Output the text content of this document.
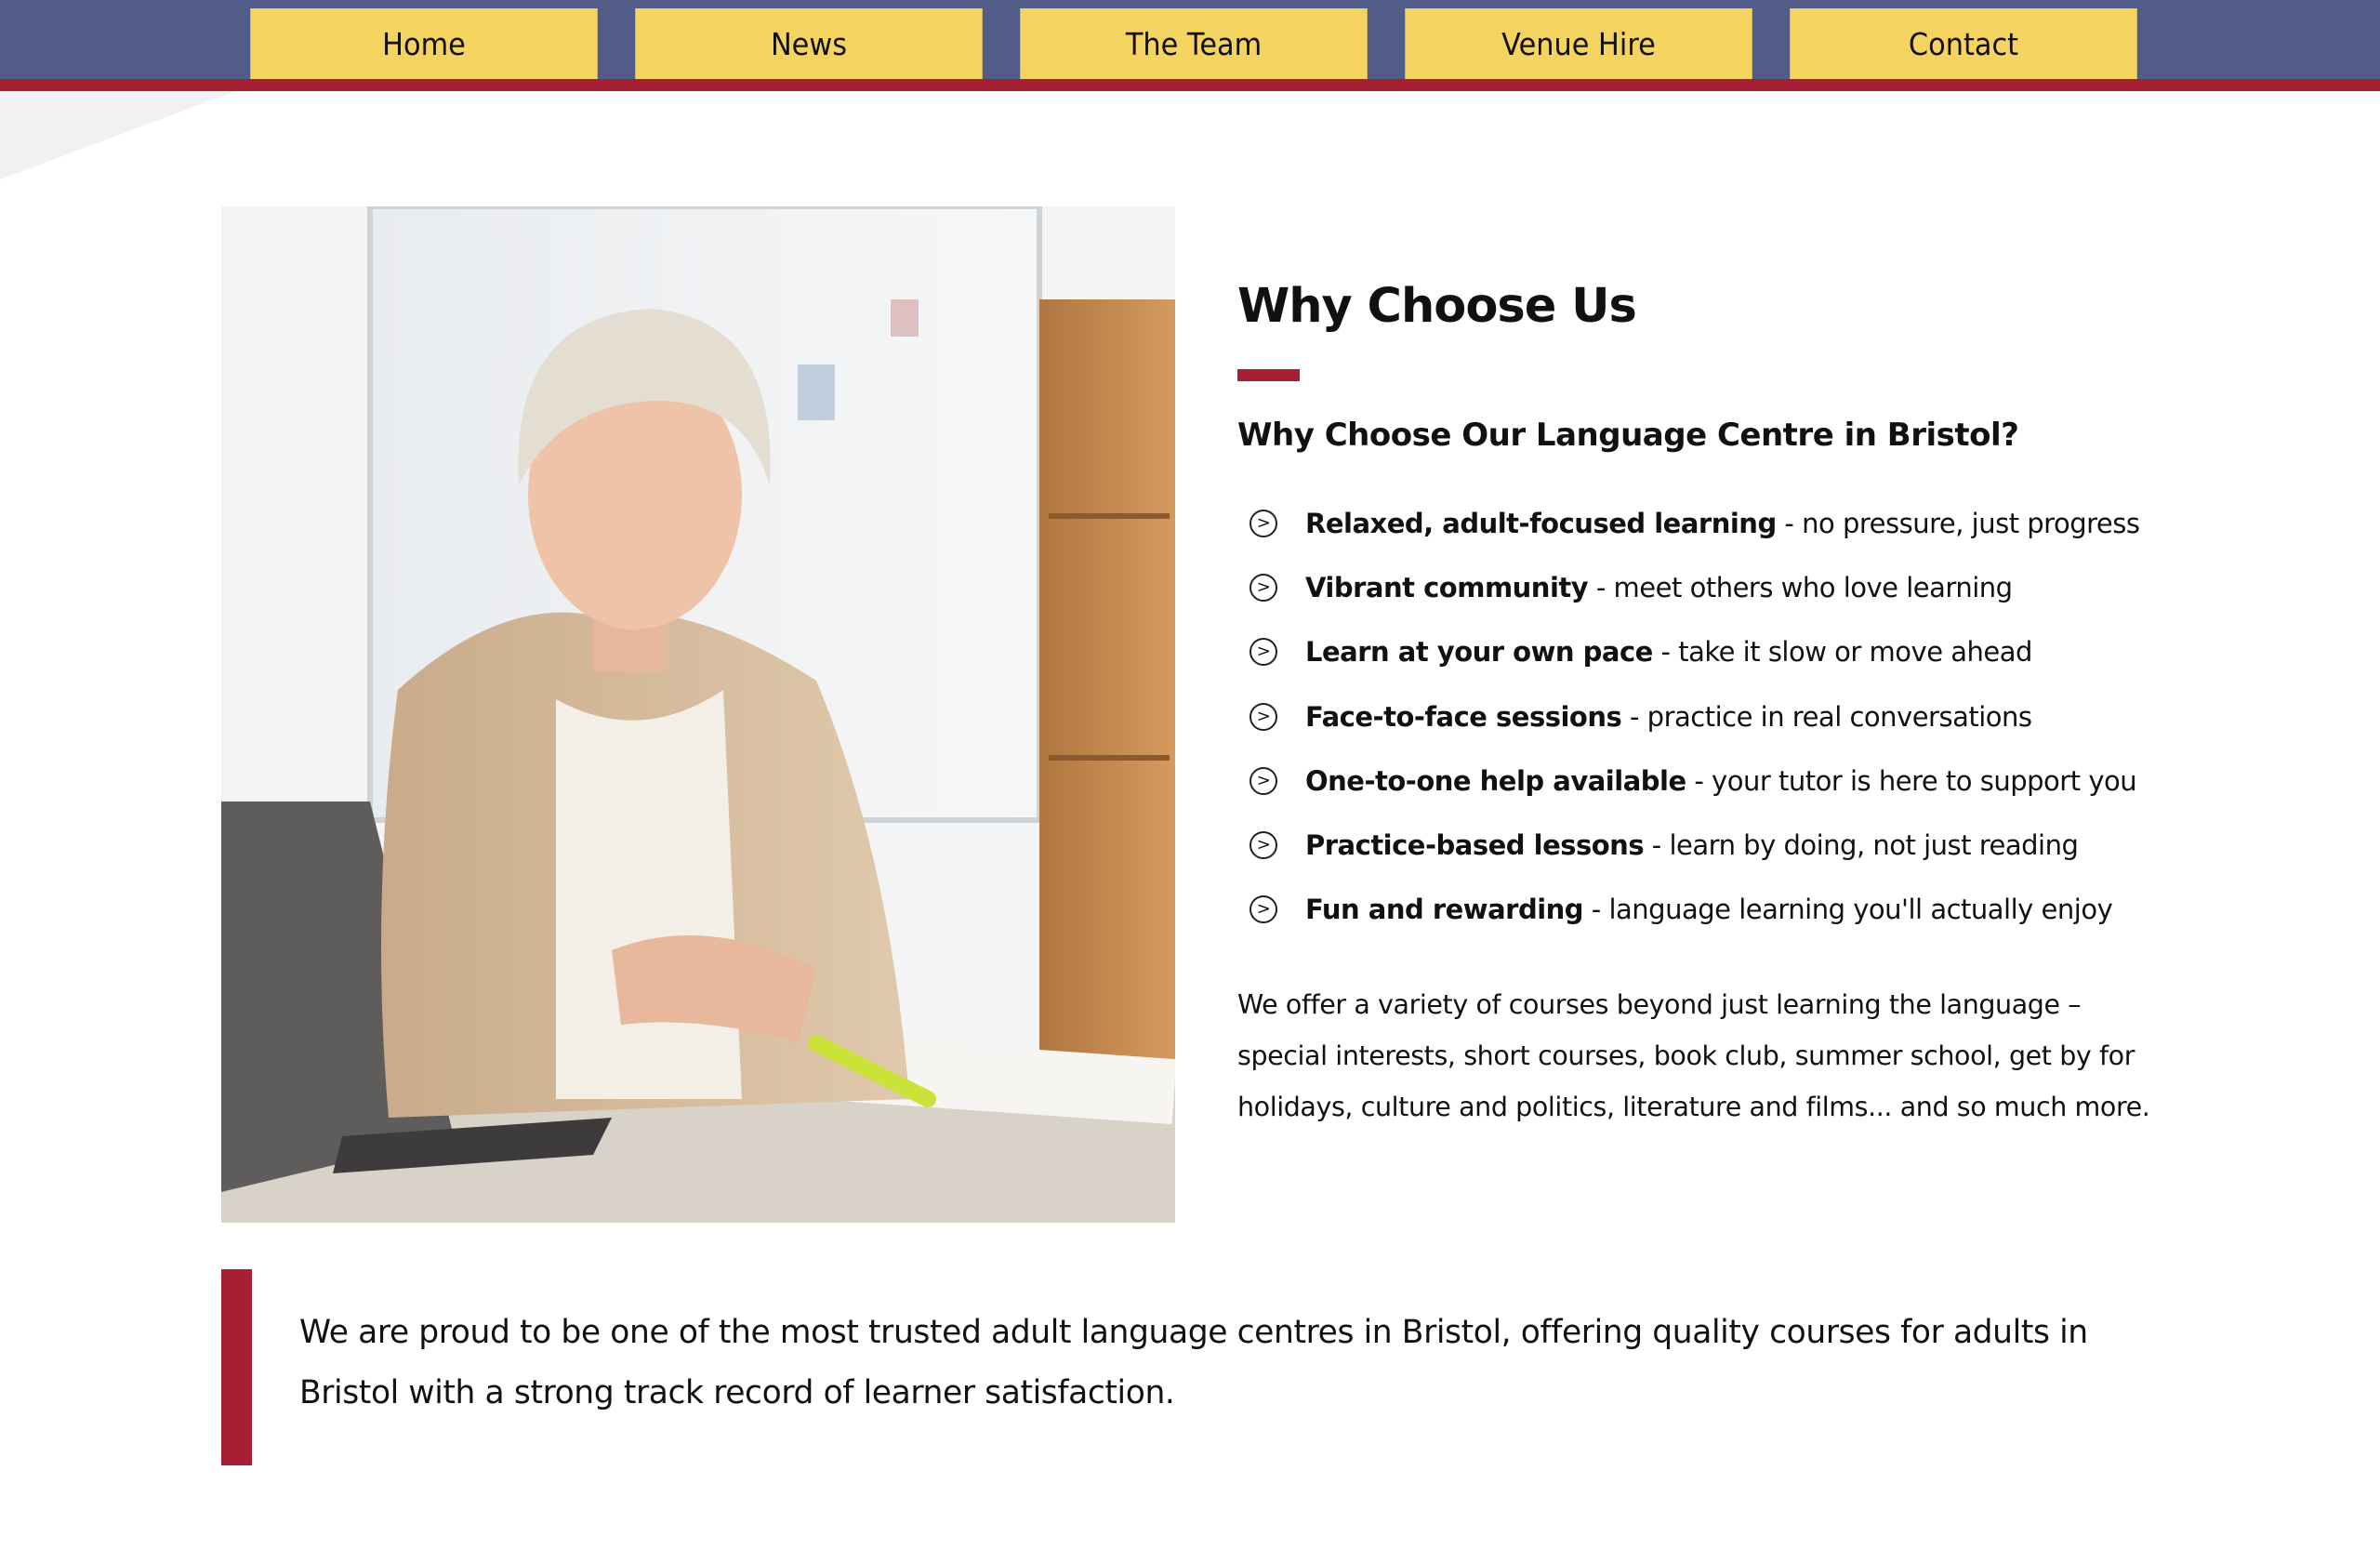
Home	News	The Team	Venue Hire	Contact
Why Choose Us
Why Choose Our Language Centre in Bristol?
> Relaxed, adult-focused learning - no pressure, just progress
> Vibrant community - meet others who love learning
> Learn at your own pace - take it slow or move ahead
> Face-to-face sessions - practice in real conversations
> One-to-one help available - your tutor is here to support you
> Practice-based lessons - learn by doing, not just reading
> Fun and rewarding - language learning you'll actually enjoy

We offer a variety of courses beyond just learning the language – special interests, short courses, book club, summer school, get by for holidays, culture and politics, literature and films... and so much more.

We are proud to be one of the most trusted adult language centres in Bristol, offering quality courses for adults in Bristol with a strong track record of learner satisfaction.
